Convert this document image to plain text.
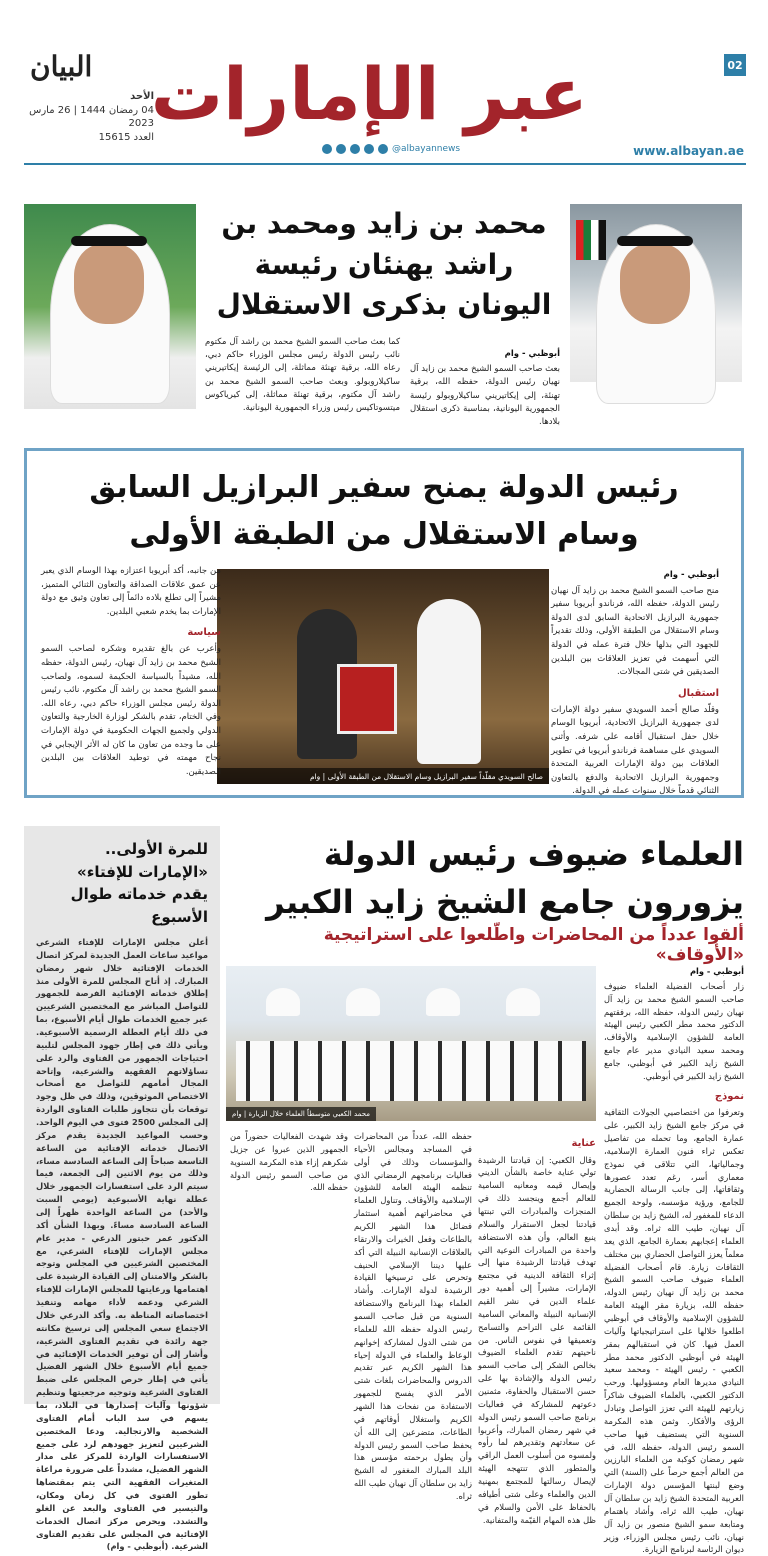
02
عبر الإمارات
البيان
الأحد
04 رمضان 1444 | 26 مارس 2023
العدد 15615
www.albayan.ae
@albayannews
محمد بن زايد ومحمد بن راشد يهنئان رئيسة اليونان بذكرى الاستقلال
أبوظبي - وام
بعث صاحب السمو الشيخ محمد بن زايد آل نهيان رئيس الدولة، حفظه الله، برقية تهنئة، إلى إيكاتيريني ساكيلاروبولو رئيسة الجمهورية اليونانية، بمناسبة ذكرى استقلال بلادها.
كما بعث صاحب السمو الشيخ محمد بن راشد آل مكتوم نائب رئيس الدولة رئيس مجلس الوزراء حاكم دبي، رعاه الله، برقية تهنئة مماثلة، إلى الرئيسة إيكاتيريني ساكيلاروبولو. وبعث صاحب السمو الشيخ محمد بن راشد آل مكتوم، برقية تهنئة مماثلة، إلى كيرياكوس ميتسوتاكيس رئيس وزراء الجمهورية اليونانية.
رئيس الدولة يمنح سفير البرازيل السابق وسام الاستقلال من الطبقة الأولى
أبوظبي - وام
منح صاحب السمو الشيخ محمد بن زايد آل نهيان رئيس الدولة، حفظه الله، فرناندو أبريوبا سفير جمهورية البرازيل الاتحادية السابق لدى الدولة وسام الاستقلال من الطبقة الأولى، وذلك تقديراً للجهود التي بذلها خلال فترة عمله في الدولة التي أسهمت في تعزيز العلاقات بين البلدين الصديقين في شتى المجالات.
استقبال
وقلّد صالح أحمد السويدي سفير دولة الإمارات لدى جمهورية البرازيل الاتحادية، أبريوبا الوسام خلال حفل استقبال أقامه على شرفه. وأثنى السويدي على مساهمة فرناندو أبريوبا في تطوير العلاقات بين دولة الإمارات العربية المتحدة وجمهورية البرازيل الاتحادية والدفع بالتعاون الثنائي قدماً خلال سنوات عمله في الدولة.
صالح السويدي مقلّداً سفير البرازيل وسام الاستقلال من الطبقة الأولى | وام
من جانبه، أكد أبريوبا اعتزازه بهذا الوسام الذي يعبر عن عمق علاقات الصداقة والتعاون الثنائي المتميز، مشيراً إلى تطلع بلاده دائماً إلى تعاون وثيق مع دولة الإمارات بما يخدم شعبي البلدين.
سياسة
وأعرب عن بالغ تقديره وشكره لصاحب السمو الشيخ محمد بن زايد آل نهيان، رئيس الدولة، حفظه الله، مشيداً بالسياسة الحكيمة لسموه، ولصاحب السمو الشيخ محمد بن راشد آل مكتوم، نائب رئيس الدولة رئيس مجلس الوزراء حاكم دبي، رعاه الله. وفي الختام، تقدم بالشكر لوزارة الخارجية والتعاون الدولي ولجميع الجهات الحكومية في دولة الإمارات على ما وجده من تعاون ما كان له الأثر الإيجابي في نجاح مهمته في توطيد العلاقات بين البلدين الصديقين.
للمرة الأولى.. «الإمارات للإفتاء» يقدم خدماته طوال الأسبوع
أعلن مجلس الإمارات للإفتاء الشرعي مواعيد ساعات العمل الجديدة لمركز اتصال الخدمات الإفتائية خلال شهر رمضان المبارك. إذ أتاح المجلس للمرة الأولى منذ إطلاق خدماته الإفتائية الفرصة للجمهور للتواصل المباشر مع المختصين الشرعيين عبر جميع الخدمات طوال أيام الأسبوع، بما في ذلك أيام العطلة الرسمية الأسبوعية. ويأتي ذلك في إطار جهود المجلس لتلبية احتياجات الجمهور من الفتاوى والرد على تساؤلاتهم الفقهية والشرعية، وإتاحة المجال أمامهم للتواصل مع أصحاب الاختصاص الموثوقين، وذلك في ظل وجود توقعات بأن تتجاوز طلبات الفتاوى الواردة إلى المجلس 2500 فتوى في اليوم الواحد. وحسب المواعيد الجديدة يقدم مركز الاتصال خدماته الإفتائية من الساعة التاسعة صباحاً إلى الساعة السادسة مساء، وذلك من يوم الاثنين إلى الجمعة، فيما سيتم الرد على استفسارات الجمهور خلال عطلة نهاية الأسبوعية (يومي السبت والأحد) من الساعة الواحدة ظهراً إلى الساعة السادسة مساءً. وبهذا الشأن أكد الدكتور عمر حبتور الدرعي - مدير عام مجلس الإمارات للإفتاء الشرعي، مع المختصين الشرعيين في المجلس وتوجه بالشكر والامتنان إلى القيادة الرشيدة على اهتمامها ورعايتها للمجلس الإمارات للإفتاء الشرعي ودعمه لأداء مهامه وتنفيذ اختصاصاته المناطة به. وأكد الدرعي خلال الاجتماع سعي المجلس إلى ترسيخ مكانته جهة رائدة في تقديم الفتاوى الشرعية، وأشار إلى أن توفير الخدمات الإفتائية في جميع أيام الأسبوع خلال الشهر الفضيل يأتي في إطار حرص المجلس على ضبط الفتاوى الشرعية وتوجيه مرجعيتها وتنظيم شؤونها وآليات إصدارها في البلاد، بما يسهم في سد الباب أمام الفتاوى الشخصية والارتجالية. ودعا المختصين الشرعيين لتعزيز جهودهم لرد على جميع الاستفسارات الواردة للمركز على مدار الشهر الفضيل، مشدداً على ضرورة مراعاة المتغيرات الفقهية التي يتم بمقتضاها تطور الفتوى في كل زمان ومكان، والتيسير في الفتاوى والبعد عن الغلو والتشدد. ويحرص مركز اتصال الخدمات الإفتائية في المجلس على تقديم الفتاوى الشرعية. (أبوظبي - وام)
العلماء ضيوف رئيس الدولة يزورون جامع الشيخ زايد الكبير
ألقوا عدداً من المحاضرات واطّلعوا على استراتيجية «الأوقاف»
أبوظبي - وام
زار أصحاب الفضيلة العلماء ضيوف صاحب السمو الشيخ محمد بن زايد آل نهيان رئيس الدولة، حفظه الله، برفقتهم الدكتور محمد مطر الكعبي رئيس الهيئة العامة للشؤون الإسلامية والأوقاف، ومحمد سعيد النيادي مدير عام جامع الشيخ زايد الكبير في أبوظبي، جامع الشيخ زايد الكبير في أبوظبي.
نموذج
وتعرفوا من اختصاصيي الجولات الثقافية في مركز جامع الشيخ زايد الكبير، على عمارة الجامع، وما تحمله من تفاصيل تعكس ثراء فنون العمارة الإسلامية، وجمالياتها، التي تتلاقى في نموذج معماري أسر، رغم تعدد عصورها وثقافاتها، إلى جانب الرسالة الحضارية للجامع، ورؤية مؤسسه، ولوحة الجميع الدعاء للمغفور له، الشيخ زايد بن سلطان آل نهيان، طيب الله ثراه. وقد أبدى العلماء إعجابهم بعمارة الجامع، الذي يعد معلماً يعزز التواصل الحضاري بين مختلف الثقافات زيارة. قام أصحاب الفضيلة العلماء ضيوف صاحب السمو الشيخ محمد بن زايد آل نهيان رئيس الدولة، حفظه الله، بزيارة مقر الهيئة العامة للشؤون الإسلامية والأوقاف في أبوظبي اطلعوا خلالها على استراتيجياتها وآليات العمل فيها. كان في استقبالهم بمقر الهيئة في أبوظبي الدكتور محمد مطر الكعبي - رئيس الهيئة - ومحمد سعيد النيادي مديرها العام ومسؤوليها. ورحب الدكتور الكعبي، بالعلماء الضيوف شاكراً زيارتهم للهيئة التي تعزز التواصل وتبادل الرؤى والأفكار. وثمن هذه المكرمة السنوية التي يستضيف فيها صاحب السمو رئيس الدولة، حفظه الله، في شهر رمضان كوكبة من العلماء البارزين من العالم أجمع حرصاً على (السنة) التي وضع لبنتها المؤسس دولة الإمارات العربية المتحدة الشيخ زايد بن سلطان آل نهيان، طيب الله ثراه، وأشاد باهتمام ومتابعة سمو الشيخ منصور بن زايد آل نهيان، نائب رئيس مجلس الوزراء، وزير ديوان الرئاسة لبرنامج الزيارة.
محمد الكعبي متوسطاً العلماء خلال الزيارة | وام
عناية
وقال الكعبي: إن قيادتنا الرشيدة تولي عناية خاصة بالشأن الديني وإيصال قيمه ومعانيه السامية للعالم أجمع وينجسد ذلك في المنجزات والمبادرات التي تبنتها قيادتنا لجعل الاستقرار والسلام ينبع العالم، وأن هذه الاستضافة واحدة من المبادرات النوعية التي تهدف قيادتنا الرشيدة منها إلى إثراء الثقافة الدينية في مجتمع الإمارات، مشيراً إلى أهمية دور علماء الدين في نشر القيم الإنسانية النبيلة والمعاني السامية القائمة على التراحم والتسامح وتعميقها في نفوس الناس. من ناحيتهم تقدم العلماء الضيوف بخالص الشكر إلى صاحب السمو رئيس الدولة والإشادة بها على حسن الاستقبال والحفاوة، مثمنين دعوتهم للمشاركة في فعاليات برنامج صاحب السمو رئيس الدولة في شهر رمضان المبارك، وأعربوا عن سعادتهم وتقديرهم لما رأوه ولمسوه من أسلوب العمل الراقي والمتطور الذي تنتهجه الهيئة لإيصال رسالتها للمجتمع بمهنية الدين والعلماء وعلى شتى أطيافه بالحفاظ على الأمن والسلام في ظل هذه المهام القيّمة والمتفانية.
حفظه الله، عدداً من المحاضرات في المساجد ومجالس الأحياء والمؤسسات وذلك في أولى فعاليات برنامجهم الرمضاني الذي تنظمه الهيئة العامة للشؤون الإسلامية والأوقاف. وتناول العلماء في محاضراتهم أهمية استثمار فضائل هذا الشهر الكريم بالطاعات وفعل الخيرات والارتقاء بالعلاقات الإنسانية النبيلة التي أكد عليها ديننا الإسلامي الحنيف وتحرص على ترسيخها القيادة الرشيدة لدولة الإمارات. وأشاد العلماء بهذا البرنامج والاستضافة السنوية من قبل صاحب السمو رئيس الدولة حفظه الله للعلماء من شتى الدول لمشاركة إخوانهم الوعاظ والعلماء في الدولة إحياء هذا الشهر الكريم عبر تقديم الدروس والمحاضرات بلغات شتى الأمر الذي يفسح للجمهور الاستفادة من نفحات هذا الشهر الكريم واستغلال أوقاتهم في الطاعات، متضرعين إلى الله أن يحفظ صاحب السمو رئيس الدولة وأن يطول برحمته مؤسس هذا البلد المبارك المغفور له الشيخ زايد بن سلطان آل نهيان طيب الله ثراه.
وقد شهدت الفعاليات حضوراً من الجمهور الذين عبروا عن جزيل شكرهم إزاء هذه المكرمة السنوية من صاحب السمو رئيس الدولة حفظه الله.
